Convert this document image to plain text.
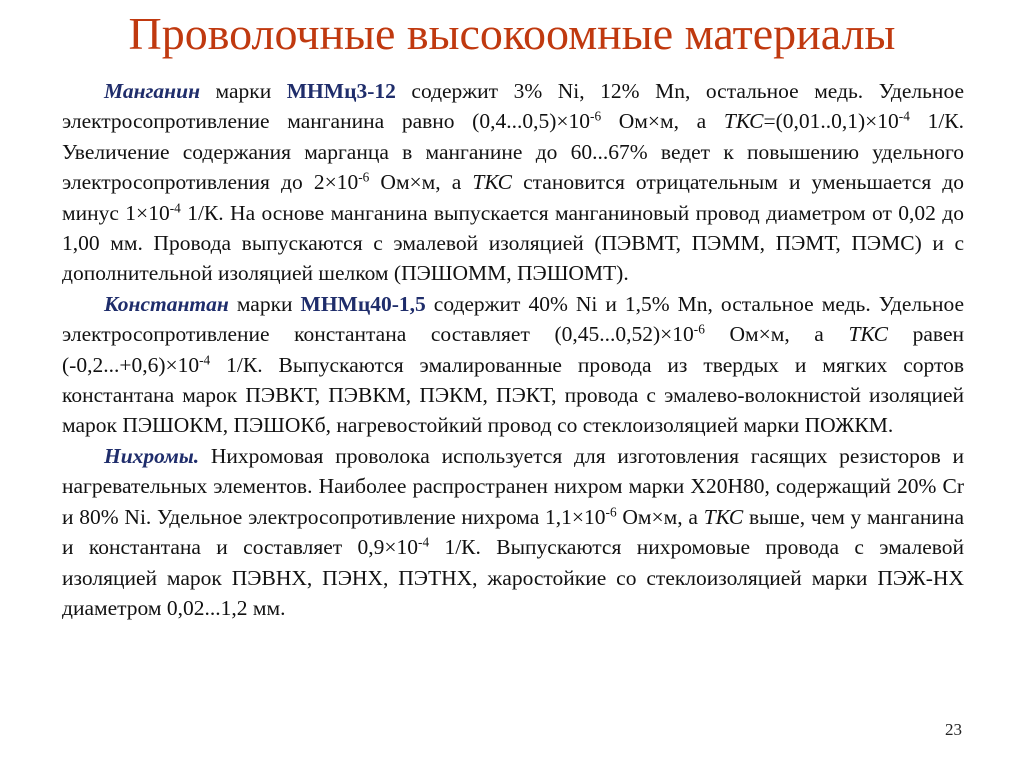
Проволочные высокоомные материалы

Манганин марки МНМц3-12 содержит 3% Ni, 12% Mn, остальное медь. Удельное электросопротивление манганина равно $(0,4...0,5)\times 10^{-6}$ Ом×м, а $ТКС=(0,01..0,1)\times 10^{-4}$ 1/К. Увеличение содержания марганца в манганине до 60...67% ведет к повышению удельного электросопротивления до $2\times 10^{-6}$ Ом×м, а ТКС становится отрицательным и уменьшается до минус $1\times 10^{-4}$ 1/К. На основе манганина выпускается манганиновый провод диаметром от 0,02 до 1,00 мм. Провода выпускаются с эмалевой изоляцией (ПЭВМТ, ПЭММ, ПЭМТ, ПЭМС) и с дополнительной изоляцией шелком (ПЭШОММ, ПЭШОМТ).

Константан марки МНМц40-1,5 содержит 40% Ni и 1,5% Mn, остальное медь. Удельное электросопротивление константана составляет $(0,45...0,52)\times 10^{-6}$ Ом×м, а ТКС равен $(-0,2...+0,6)\times 10^{-4}$ 1/К. Выпускаются эмалированные провода из твердых и мягких сортов константана марок ПЭВКТ, ПЭВКМ, ПЭКМ, ПЭКТ, провода с эмалево-волокнистой изоляцией марок ПЭШОКМ, ПЭШОКб, нагревостойкий провод со стеклоизоляцией марки ПОЖКМ.

Нихромы. Нихромовая проволока используется для изготовления гасящих резисторов и нагревательных элементов. Наиболее распространен нихром марки Х20Н80, содержащий 20% Cr и 80% Ni. Удельное электросопротивление нихрома $1,1\times 10^{-6}$ Ом×м, а ТКС выше, чем у манганина и константана и составляет $0,9\times 10^{-4}$ 1/К. Выпускаются нихромовые провода с эмалевой изоляцией марок ПЭВНХ, ПЭНХ, ПЭТНХ, жаростойкие со стеклоизоляцией марки ПЭЖ-НХ диаметром 0,02...1,2 мм.

23
